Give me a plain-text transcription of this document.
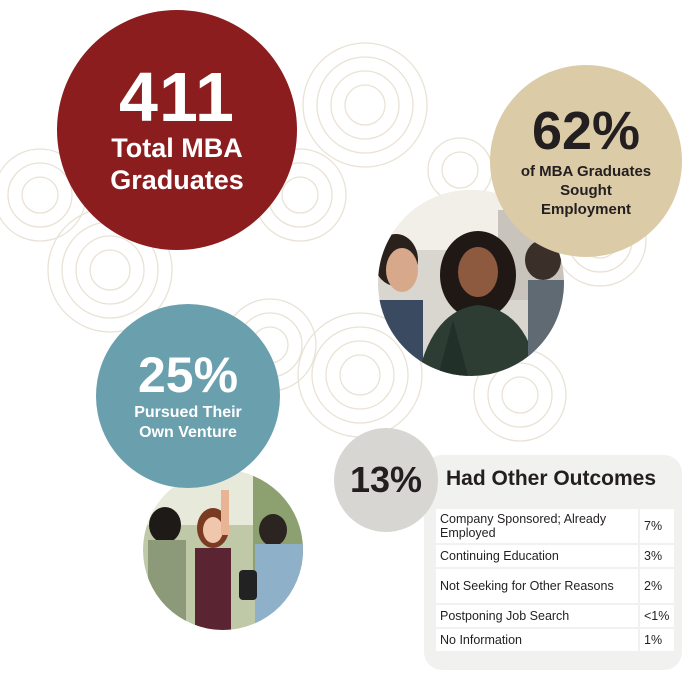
411
Total MBA
Graduates
62%
of MBA Graduates
Sought
Employment
25%
Pursued Their
Own Venture
13% Had Other Outcomes
Company Sponsored; Already Employed	7%
Continuing Education	3%
Not Seeking for Other Reasons	2%
Postponing Job Search	<1%
No Information	1%
